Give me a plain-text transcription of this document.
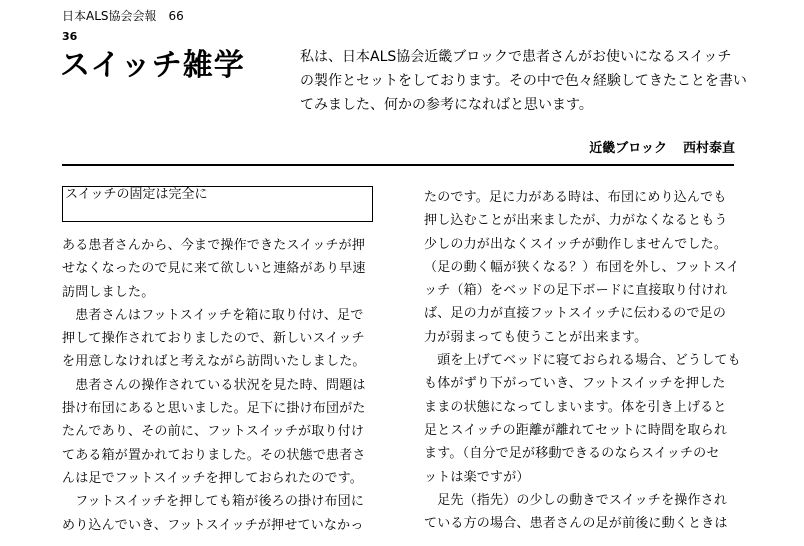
日本ALS協会会報　66
36
スイッチ雑学	私は、日本ALS協会近畿ブロックで患者さんがお使いになるスイッチ

の製作とセットをしております。その中で色々経験してきたことを書い

てみました、何かの参考になればと思います。

近畿ブロック 西村泰直
スイッチの固定は完全に

ある患者さんから、今まで操作できたスイッチが押

せなくなったので見に来て欲しいと連絡があり早速

訪問しました。

　患者さんはフットスイッチを箱に取り付け、足で

押して操作されておりましたので、新しいスイッチ

を用意しなければと考えながら訪問いたしました。

　患者さんの操作されている状況を見た時、問題は

掛け布団にあると思いました。足下に掛け布団がた

たんであり、その前に、フットスイッチが取り付け

てある箱が置かれておりました。その状態で患者さ

んは足でフットスイッチを押しておられたのです。

　フットスイッチを押しても箱が後ろの掛け布団に

めり込んでいき、フットスイッチが押せていなかっ

たのです。足に力がある時は、布団にめり込んでも

押し込むことが出来ましたが、力がなくなるともう

少しの力が出なくスイッチが動作しませんでした。

（足の動く幅が狭くなる？）布団を外し、フットスイ

ッチ（箱）をベッドの足下ボードに直接取り付けれ

ば、足の力が直接フットスイッチに伝わるので足の

力が弱まっても使うことが出来ます。

　頭を上げてベッドに寝ておられる場合、どうしても

も体がずり下がっていき、フットスイッチを押した

ままの状態になってしまいます。体を引き上げると

足とスイッチの距離が離れてセットに時間を取られ

ます。（自分で足が移動できるのならスイッチのセ

ットは楽ですが）

　足先（指先）の少しの動きでスイッチを操作され

ている方の場合、患者さんの足が前後に動くときは
